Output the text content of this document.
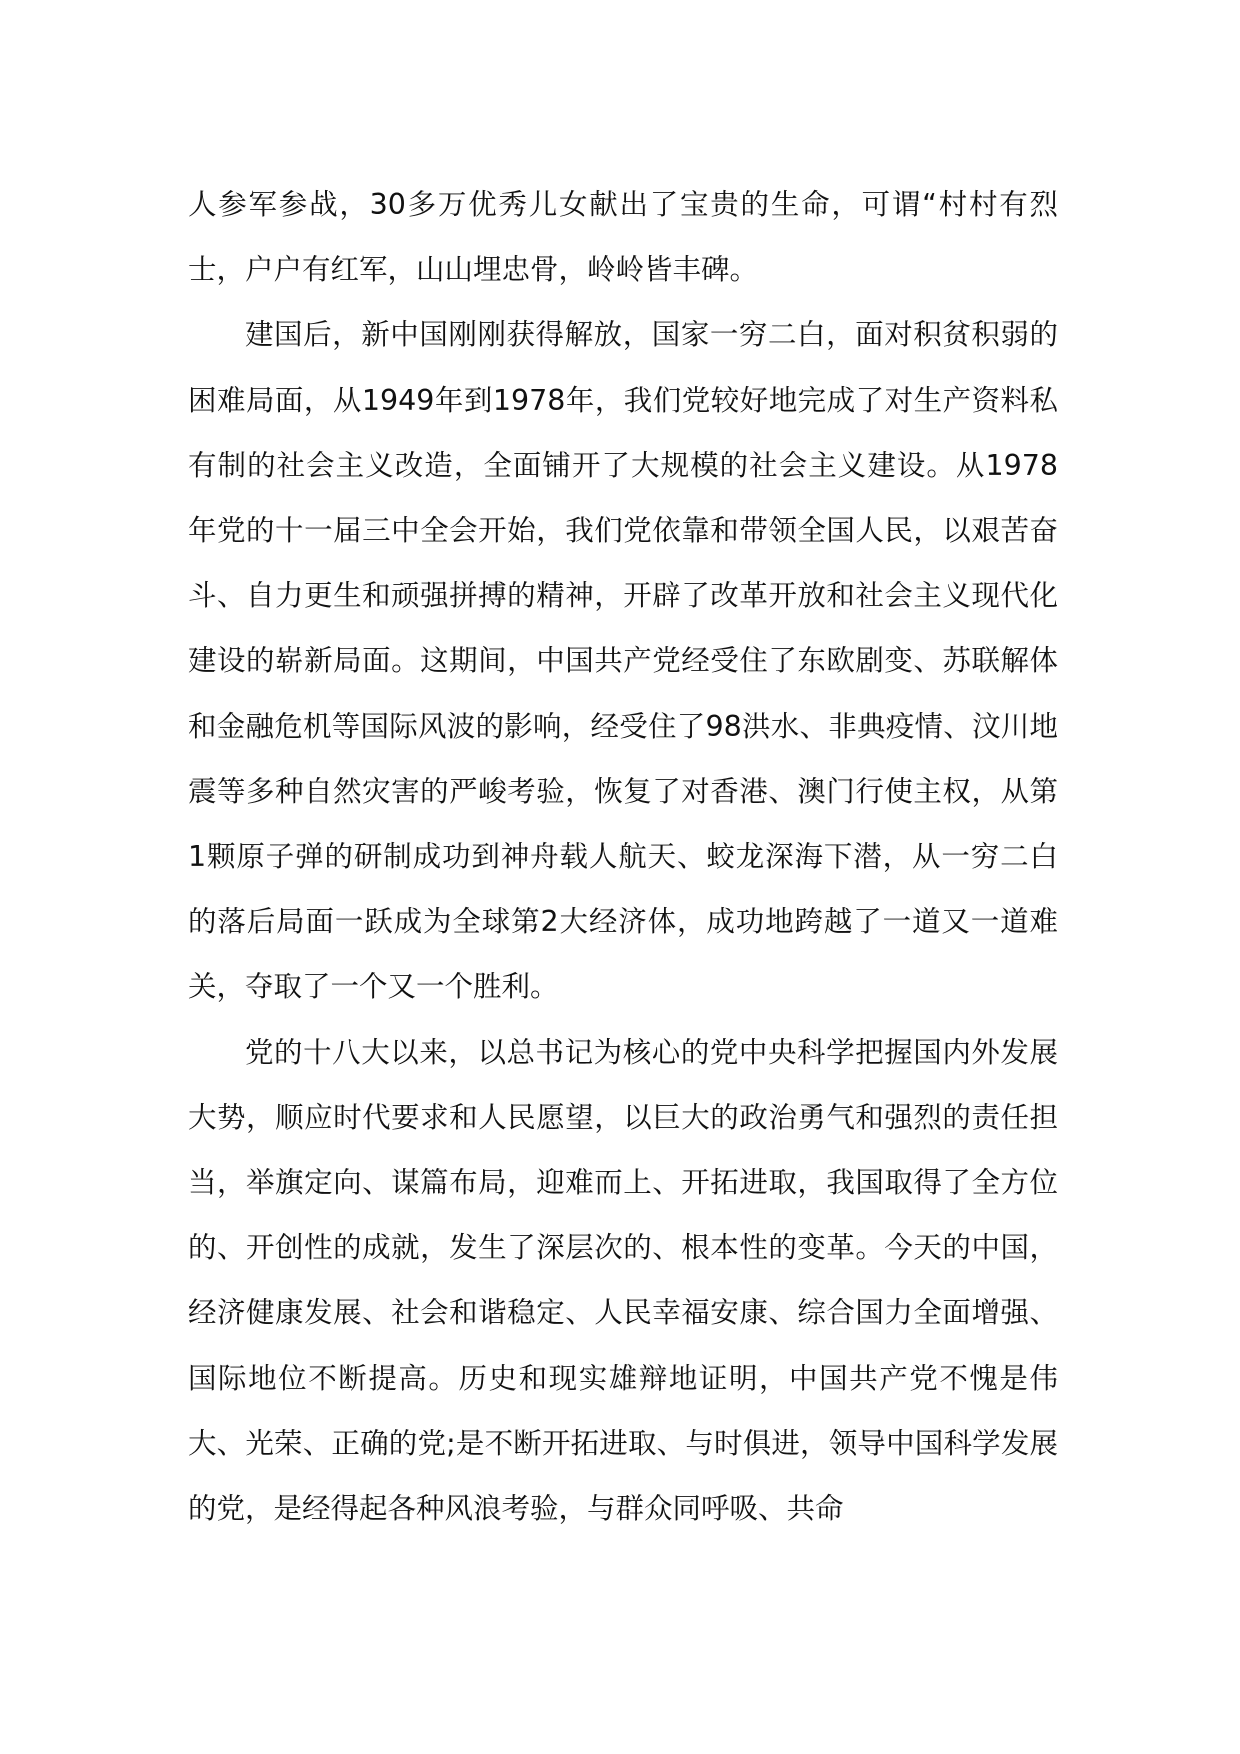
人参军参战，30多万优秀儿女献出了宝贵的生命，可谓“村村有烈士，户户有红军，山山埋忠骨，岭岭皆丰碑。

建国后，新中国刚刚获得解放，国家一穷二白，面对积贫积弱的困难局面，从1949年到1978年，我们党较好地完成了对生产资料私有制的社会主义改造，全面铺开了大规模的社会主义建设。从1978年党的十一届三中全会开始，我们党依靠和带领全国人民，以艰苦奋斗、自力更生和顽强拼搏的精神，开辟了改革开放和社会主义现代化建设的崭新局面。这期间，中国共产党经受住了东欧剧变、苏联解体和金融危机等国际风波的影响，经受住了98洪水、非典疫情、汶川地震等多种自然灾害的严峻考验，恢复了对香港、澳门行使主权，从第1颗原子弹的研制成功到神舟载人航天、蛟龙深海下潜，从一穷二白的落后局面一跃成为全球第2大经济体，成功地跨越了一道又一道难关，夺取了一个又一个胜利。

党的十八大以来，以总书记为核心的党中央科学把握国内外发展大势，顺应时代要求和人民愿望，以巨大的政治勇气和强烈的责任担当，举旗定向、谋篇布局，迎难而上、开拓进取，我国取得了全方位的、开创性的成就，发生了深层次的、根本性的变革。今天的中国，经济健康发展、社会和谐稳定、人民幸福安康、综合国力全面增强、国际地位不断提高。历史和现实雄辩地证明，中国共产党不愧是伟大、光荣、正确的党;是不断开拓进取、与时俱进，领导中国科学发展的党，是经得起各种风浪考验，与群众同呼吸、共命
